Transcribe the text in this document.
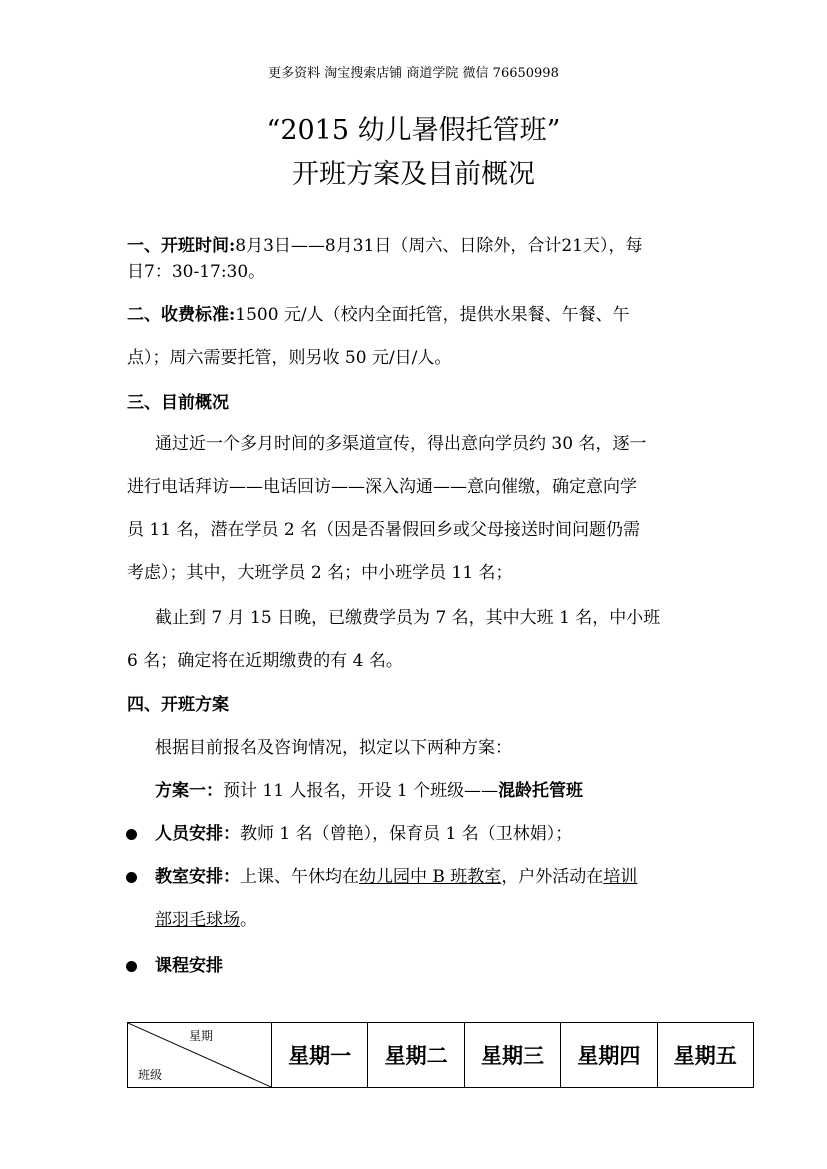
更多资料 淘宝搜索店铺 商道学院 微信 76650998
“2015 幼儿暑假托管班”
开班方案及目前概况
一、开班时间:8月3日——8月31日（周六、日除外，合计21天），每
日7：30-17:30。
二、收费标准:1500 元/人（校内全面托管，提供水果餐、午餐、午
点）；周六需要托管，则另收 50 元/日/人。
三、目前概况
通过近一个多月时间的多渠道宣传，得出意向学员约 30 名，逐一
进行电话拜访——电话回访——深入沟通——意向催缴，确定意向学
员 11 名，潜在学员 2 名（因是否暑假回乡或父母接送时间问题仍需
考虑）；其中，大班学员 2 名；中小班学员 11 名；
截止到 7 月 15 日晚，已缴费学员为 7 名，其中大班 1 名，中小班
6 名；确定将在近期缴费的有 4 名。
四、开班方案
根据目前报名及咨询情况，拟定以下两种方案：
方案一：预计 11 人报名，开设 1 个班级——混龄托管班
人员安排：教师 1 名（曾艳），保育员 1 名（卫林娟）；
教室安排：上课、午休均在幼儿园中 B 班教室，户外活动在培训
部羽毛球场。
课程安排
星期
班级
	星期一	星期二	星期三	星期四	星期五
